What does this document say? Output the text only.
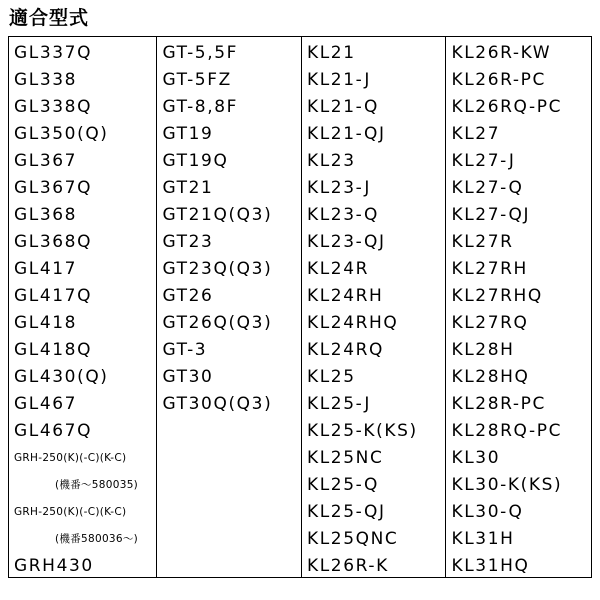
適合型式
GL337Q
GL338
GL338Q
GL350(Q)
GL367
GL367Q
GL368
GL368Q
GL417
GL417Q
GL418
GL418Q
GL430(Q)
GL467
GL467Q
GRH-250(K)(-C)(K-C)
(機番～580035)
GRH-250(K)(-C)(K-C)
(機番580036～)
GRH430
GT-5,5F
GT-5FZ
GT-8,8F
GT19
GT19Q
GT21
GT21Q(Q3)
GT23
GT23Q(Q3)
GT26
GT26Q(Q3)
GT-3
GT30
GT30Q(Q3)
KL21
KL21-J
KL21-Q
KL21-QJ
KL23
KL23-J
KL23-Q
KL23-QJ
KL24R
KL24RH
KL24RHQ
KL24RQ
KL25
KL25-J
KL25-K(KS)
KL25NC
KL25-Q
KL25-QJ
KL25QNC
KL26R-K
KL26R-KW
KL26R-PC
KL26RQ-PC
KL27
KL27-J
KL27-Q
KL27-QJ
KL27R
KL27RH
KL27RHQ
KL27RQ
KL28H
KL28HQ
KL28R-PC
KL28RQ-PC
KL30
KL30-K(KS)
KL30-Q
KL31H
KL31HQ
